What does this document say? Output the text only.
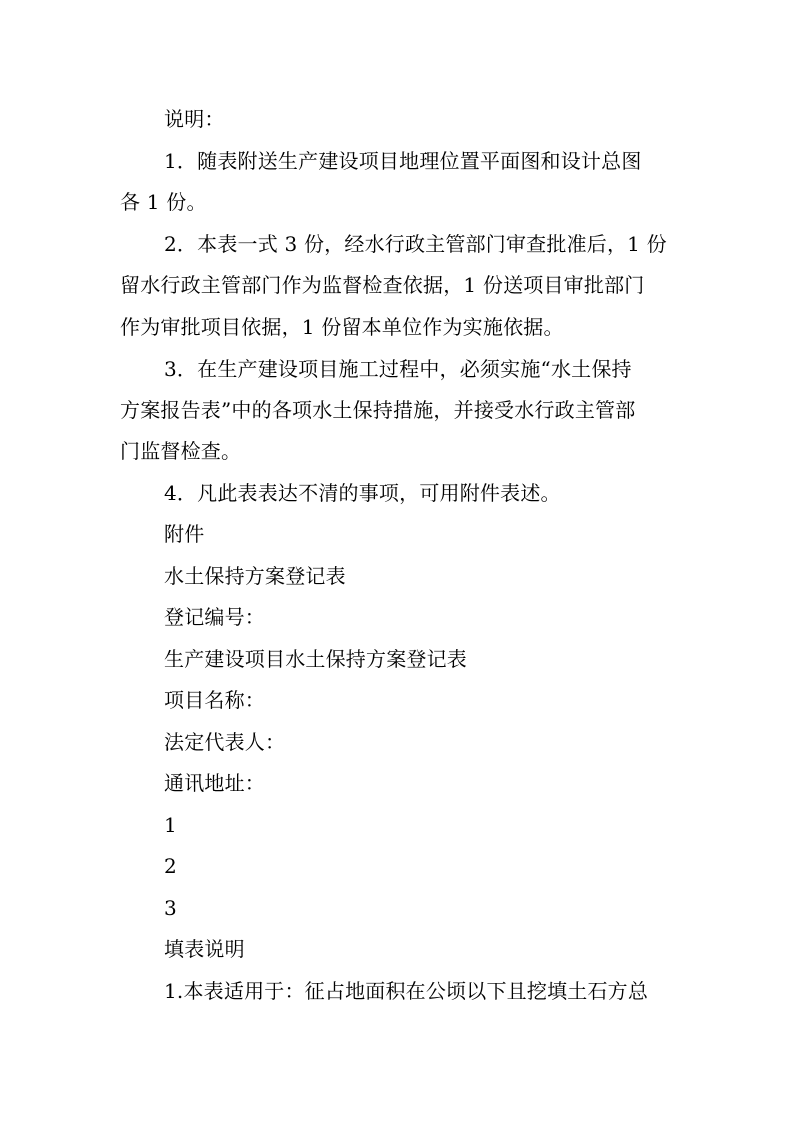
说明：
1．随表附送生产建设项目地理位置平面图和设计总图
各 1 份。
2．本表一式 3 份，经水行政主管部门审查批准后，1 份
留水行政主管部门作为监督检查依据，1 份送项目审批部门
作为审批项目依据，1 份留本单位作为实施依据。
3．在生产建设项目施工过程中，必须实施“水土保持
方案报告表”中的各项水土保持措施，并接受水行政主管部
门监督检查。
4．凡此表表达不清的事项，可用附件表述。
附件
水土保持方案登记表
登记编号：
生产建设项目水土保持方案登记表
项目名称：
法定代表人：
通讯地址：
1
2
3
填表说明
1.本表适用于：征占地面积在公顷以下且挖填土石方总
